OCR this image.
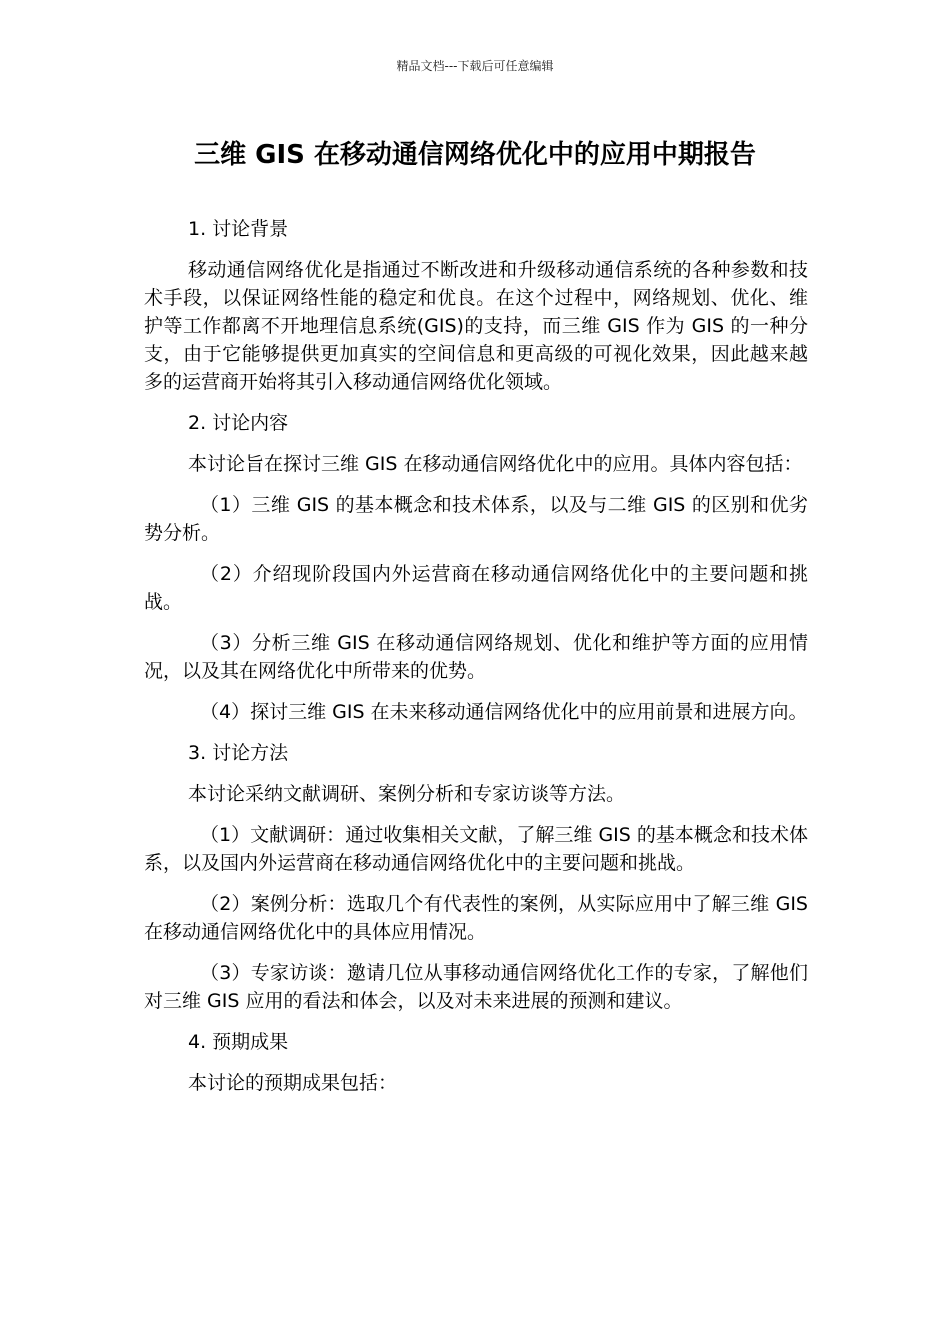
精品文档---下载后可任意编辑
三维 GIS 在移动通信网络优化中的应用中期报告

1. 讨论背景

移动通信网络优化是指通过不断改进和升级移动通信系统的各种参数和技术手段，以保证网络性能的稳定和优良。在这个过程中，网络规划、优化、维护等工作都离不开地理信息系统(GIS)的支持，而三维 GIS 作为 GIS 的一种分支，由于它能够提供更加真实的空间信息和更高级的可视化效果，因此越来越多的运营商开始将其引入移动通信网络优化领域。

2. 讨论内容

本讨论旨在探讨三维 GIS 在移动通信网络优化中的应用。具体内容包括：

（1）三维 GIS 的基本概念和技术体系，以及与二维 GIS 的区别和优劣势分析。

（2）介绍现阶段国内外运营商在移动通信网络优化中的主要问题和挑战。

（3）分析三维 GIS 在移动通信网络规划、优化和维护等方面的应用情况，以及其在网络优化中所带来的优势。

（4）探讨三维 GIS 在未来移动通信网络优化中的应用前景和进展方向。

3. 讨论方法

本讨论采纳文献调研、案例分析和专家访谈等方法。

（1）文献调研：通过收集相关文献，了解三维 GIS 的基本概念和技术体系，以及国内外运营商在移动通信网络优化中的主要问题和挑战。

（2）案例分析：选取几个有代表性的案例，从实际应用中了解三维 GIS 在移动通信网络优化中的具体应用情况。

（3）专家访谈：邀请几位从事移动通信网络优化工作的专家，了解他们对三维 GIS 应用的看法和体会，以及对未来进展的预测和建议。

4. 预期成果

本讨论的预期成果包括：
